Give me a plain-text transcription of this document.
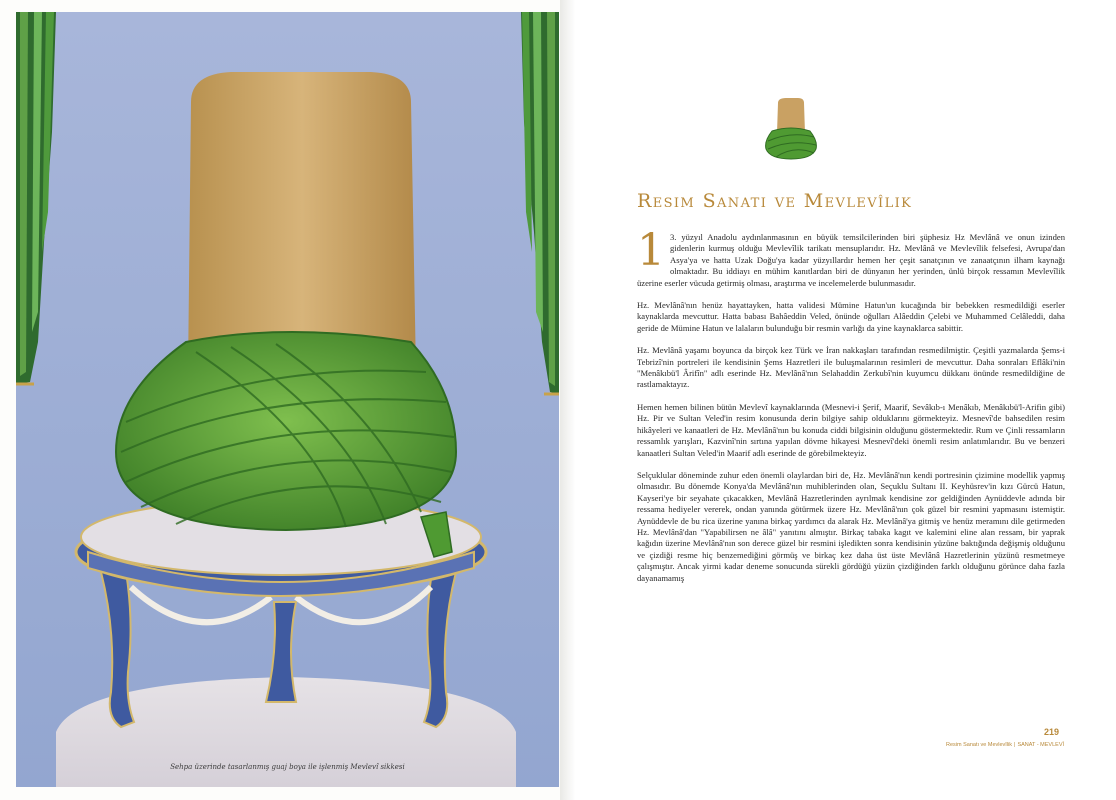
Sehpa üzerinde tasarlanmış guaj boya ile işlenmiş Mevlevî sikkesi
Resim Sanatı ve Mevlevîlik

1 3. yüzyıl Anadolu aydınlanmasının en büyük temsilcilerinden biri şüphesiz Hz Mevlânâ ve onun izinden gidenlerin kurmuş olduğu Mevlevîlik tarikatı mensuplarıdır. Hz. Mevlânâ ve Mevlevîlik felsefesi, Avrupa'dan Asya'ya ve hatta Uzak Doğu'ya kadar yüzyıllardır hemen her çeşit sanatçının ve zanaatçının ilham kaynağı olmaktadır. Bu iddiayı en mühim kanıtlardan biri de dünyanın her yerinden, ünlü birçok ressamın Mevlevîlik üzerine eserler vücuda getirmiş olması, araştırma ve incelemelerde bulunmasıdır.

Hz. Mevlânâ'nın henüz hayattayken, hatta validesi Mümine Hatun'un kucağında bir bebekken resmedildiği eserler kaynaklarda mevcuttur. Hatta babası Bahâeddin Veled, önünde oğulları Alâeddin Çelebi ve Muhammed Celâleddi, daha geride de Mümine Hatun ve lalaların bulunduğu bir resmin varlığı da yine kaynaklarca sabittir.

Hz. Mevlânâ yaşamı boyunca da birçok kez Türk ve İran nakkaşları tarafından resmedilmiştir. Çeşitli yazmalarda Şems-i Tebrizî'nin portreleri ile kendisinin Şems Hazretleri ile buluşmalarının resimleri de mevcuttur. Daha sonraları Eflâki'nin "Menâkıbü'l Ârifîn" adlı eserinde Hz. Mevlânâ'nın Selahaddin Zerkubî'nin kuyumcu dükkanı önünde resmedildiğine de rastlamaktayız.

Hemen hemen bilinen bütün Mevlevî kaynaklarında (Mesnevi-i Şerif, Maarif, Sevâkıb-ı Menâkıb, Menâkıbü'l-Arifin gibi) Hz. Pir ve Sultan Veled'in resim konusunda derin bilgiye sahip olduklarını görmekteyiz. Mesnevî'de bahsedilen resim hikâyeleri ve kanaatleri de Hz. Mevlânâ'nın bu konuda ciddi bilgisinin olduğunu göstermektedir. Rum ve Çinli ressamların ressamlık yarışları, Kazvinî'nin sırtına yapılan dövme hikayesi Mesnevî'deki önemli resim anlatımlarıdır. Bu ve benzeri kanaatleri Sultan Veled'in Maarif adlı eserinde de görebilmekteyiz.

Selçuklular döneminde zuhur eden önemli olaylardan biri de, Hz. Mevlânâ'nın kendi portresinin çizimine modellik yapmış olmasıdır. Bu dönemde Konya'da Mevlânâ'nın muhiblerinden olan, Seçuklu Sultanı II. Keyhüsrev'in kızı Gürcü Hatun, Kayseri'ye bir seyahate çıkacakken, Mevlânâ Hazretlerinden ayrılmak kendisine zor geldiğinden Aynüddevle adında bir ressama hediyeler vererek, ondan yanında götürmek üzere Hz. Mevlânâ'nın çok güzel bir resmini yapmasını istemiştir. Aynüddevle de bu rica üzerine yanına birkaç yardımcı da alarak Hz. Mevlânâ'ya gitmiş ve henüz meramını dile getirmeden Hz. Mevlânâ'dan "Yapabilirsen ne âlâ" yanıtını almıştır. Birkaç tabaka kagıt ve kalemini eline alan ressam, bir yaprak kağıdın üzerine Mevlânâ'nın son derece güzel bir resmini işledikten sonra kendisinin yüzüne baktığında değişmiş olduğunu ve çizdiği resme hiç benzemediğini görmüş ve birkaç kez daha üst üste Mevlânâ Hazretlerinin yüzünü resmetmeye çalışmıştır. Ancak yirmi kadar deneme sonucunda sürekli gördüğü yüzün çizdiğinden farklı olduğunu görünce daha fazla dayanamamış

219
Resim Sanatı ve Mevlevîlik | SANAT - MEVLEVÎ
